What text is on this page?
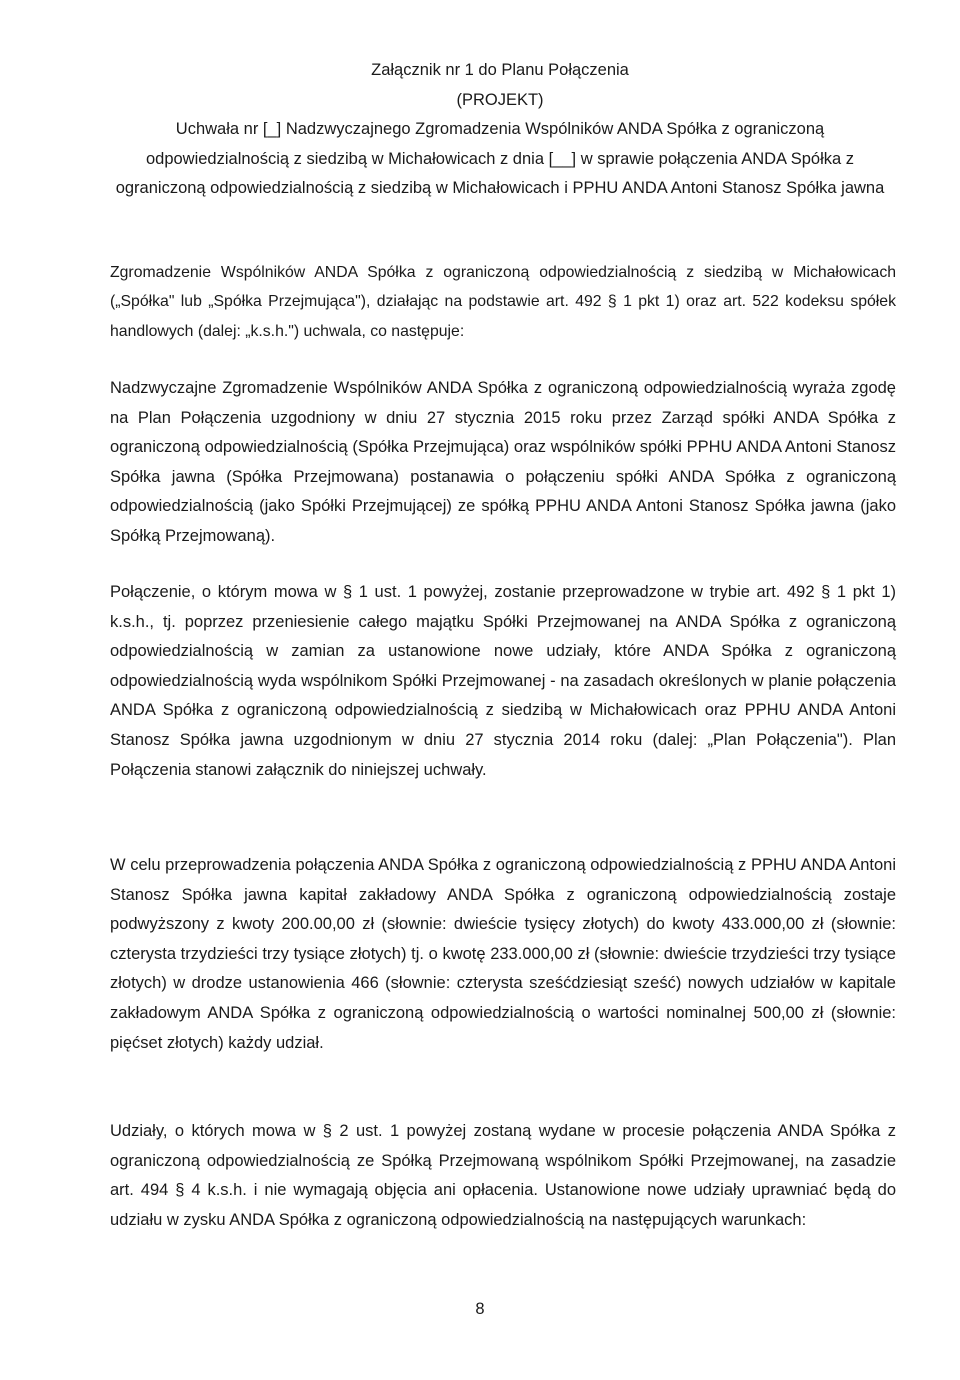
Załącznik nr 1 do Planu Połączenia
(PROJEKT)
Uchwała nr [_] Nadzwyczajnego Zgromadzenia Wspólników ANDA Spółka z ograniczoną odpowiedzialnością z siedzibą w Michałowicach z dnia [__] w sprawie połączenia ANDA Spółka z ograniczoną odpowiedzialnością z siedzibą w Michałowicach i PPHU ANDA Antoni Stanosz Spółka jawna
Zgromadzenie Wspólników ANDA Spółka z ograniczoną odpowiedzialnością z siedzibą w Michałowicach („Spółka" lub „Spółka Przejmująca"), działając na podstawie art. 492 § 1 pkt 1) oraz art. 522 kodeksu spółek handlowych (dalej: „k.s.h.") uchwala, co następuje:
Nadzwyczajne Zgromadzenie Wspólników ANDA Spółka z ograniczoną odpowiedzialnością wyraża zgodę na Plan Połączenia uzgodniony w dniu 27 stycznia 2015 roku przez Zarząd spółki ANDA Spółka z ograniczoną odpowiedzialnością (Spółka Przejmująca) oraz wspólników spółki PPHU ANDA Antoni Stanosz Spółka jawna (Spółka Przejmowana) postanawia o połączeniu spółki ANDA Spółka z ograniczoną odpowiedzialnością (jako Spółki Przejmującej) ze spółką PPHU ANDA Antoni Stanosz Spółka jawna (jako Spółką Przejmowaną).
Połączenie, o którym mowa w § 1 ust. 1 powyżej, zostanie przeprowadzone w trybie art. 492 § 1 pkt 1) k.s.h., tj. poprzez przeniesienie całego majątku Spółki Przejmowanej na ANDA Spółka z ograniczoną odpowiedzialnością w zamian za ustanowione nowe udziały, które ANDA Spółka z ograniczoną odpowiedzialnością wyda wspólnikom Spółki Przejmowanej - na zasadach określonych w planie połączenia ANDA Spółka z ograniczoną odpowiedzialnością z siedzibą w Michałowicach oraz PPHU ANDA Antoni Stanosz Spółka jawna uzgodnionym w dniu 27 stycznia 2014 roku (dalej: „Plan Połączenia"). Plan Połączenia stanowi załącznik do niniejszej uchwały.
W celu przeprowadzenia połączenia ANDA Spółka z ograniczoną odpowiedzialnością z PPHU ANDA Antoni Stanosz Spółka jawna kapitał zakładowy ANDA Spółka z ograniczoną odpowiedzialnością zostaje podwyższony z kwoty 200.00,00 zł (słownie: dwieście tysięcy złotych) do kwoty 433.000,00 zł (słownie: czterysta trzydzieści trzy tysiące złotych) tj. o kwotę 233.000,00 zł (słownie: dwieście trzydzieści trzy tysiące złotych) w drodze ustanowienia 466 (słownie: czterysta sześćdziesiąt sześć) nowych udziałów w kapitale zakładowym ANDA Spółka z ograniczoną odpowiedzialnością o wartości nominalnej 500,00 zł (słownie: pięćset złotych) każdy udział.
Udziały, o których mowa w § 2 ust. 1 powyżej zostaną wydane w procesie połączenia ANDA Spółka z ograniczoną odpowiedzialnością ze Spółką Przejmowaną wspólnikom Spółki Przejmowanej, na zasadzie art. 494 § 4 k.s.h. i nie wymagają objęcia ani opłacenia. Ustanowione nowe udziały uprawniać będą do udziału w zysku ANDA Spółka z ograniczoną odpowiedzialnością na następujących warunkach:
8
